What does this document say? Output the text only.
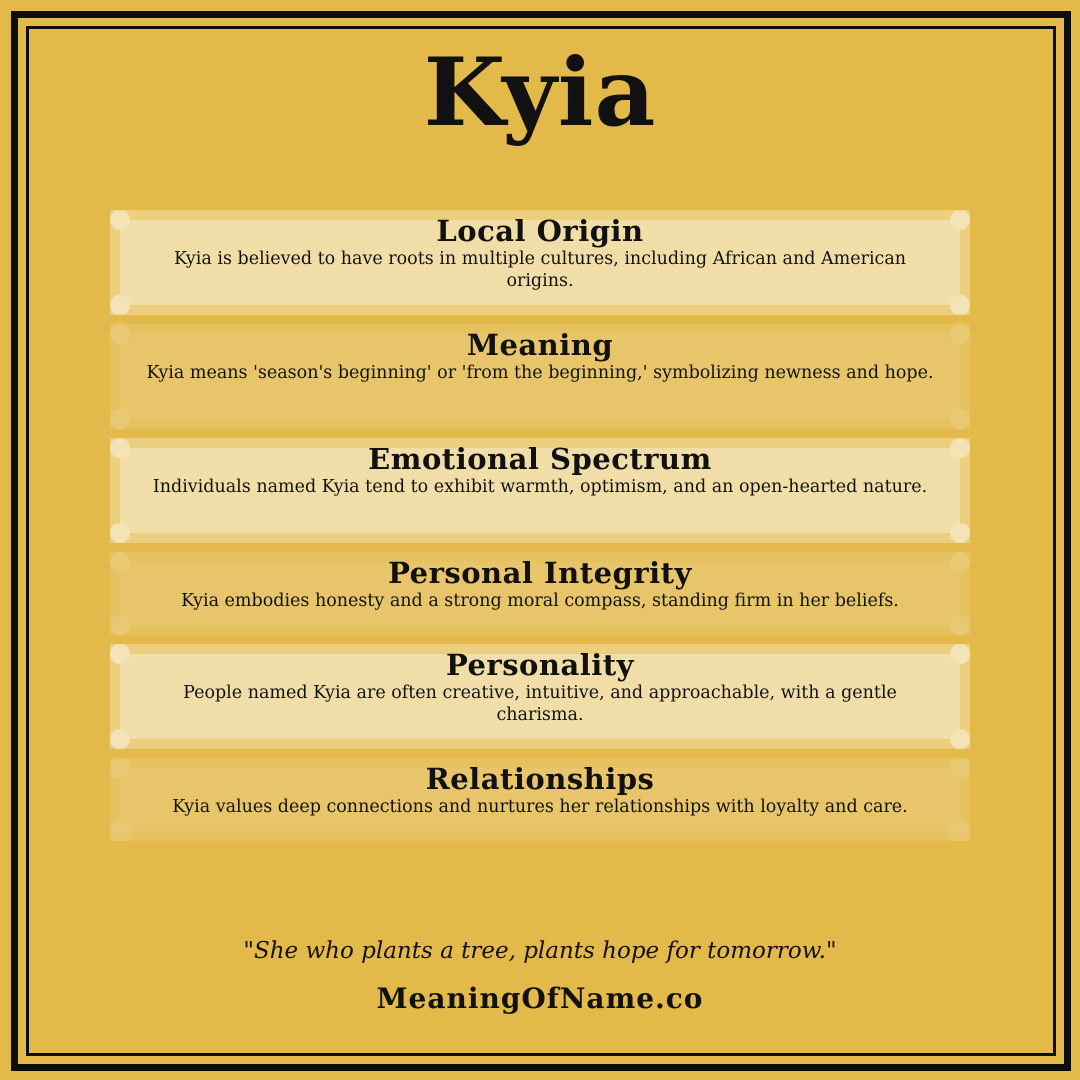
Kyia
Local Origin

Kyia is believed to have roots in multiple cultures, including African and American origins.

Meaning

Kyia means 'season's beginning' or 'from the beginning,' symbolizing newness and hope.

Emotional Spectrum

Individuals named Kyia tend to exhibit warmth, optimism, and an open-hearted nature.

Personal Integrity

Kyia embodies honesty and a strong moral compass, standing firm in her beliefs.

Personality

People named Kyia are often creative, intuitive, and approachable, with a gentle charisma.

Relationships

Kyia values deep connections and nurtures her relationships with loyalty and care.

"She who plants a tree, plants hope for tomorrow."
MeaningOfName.co
